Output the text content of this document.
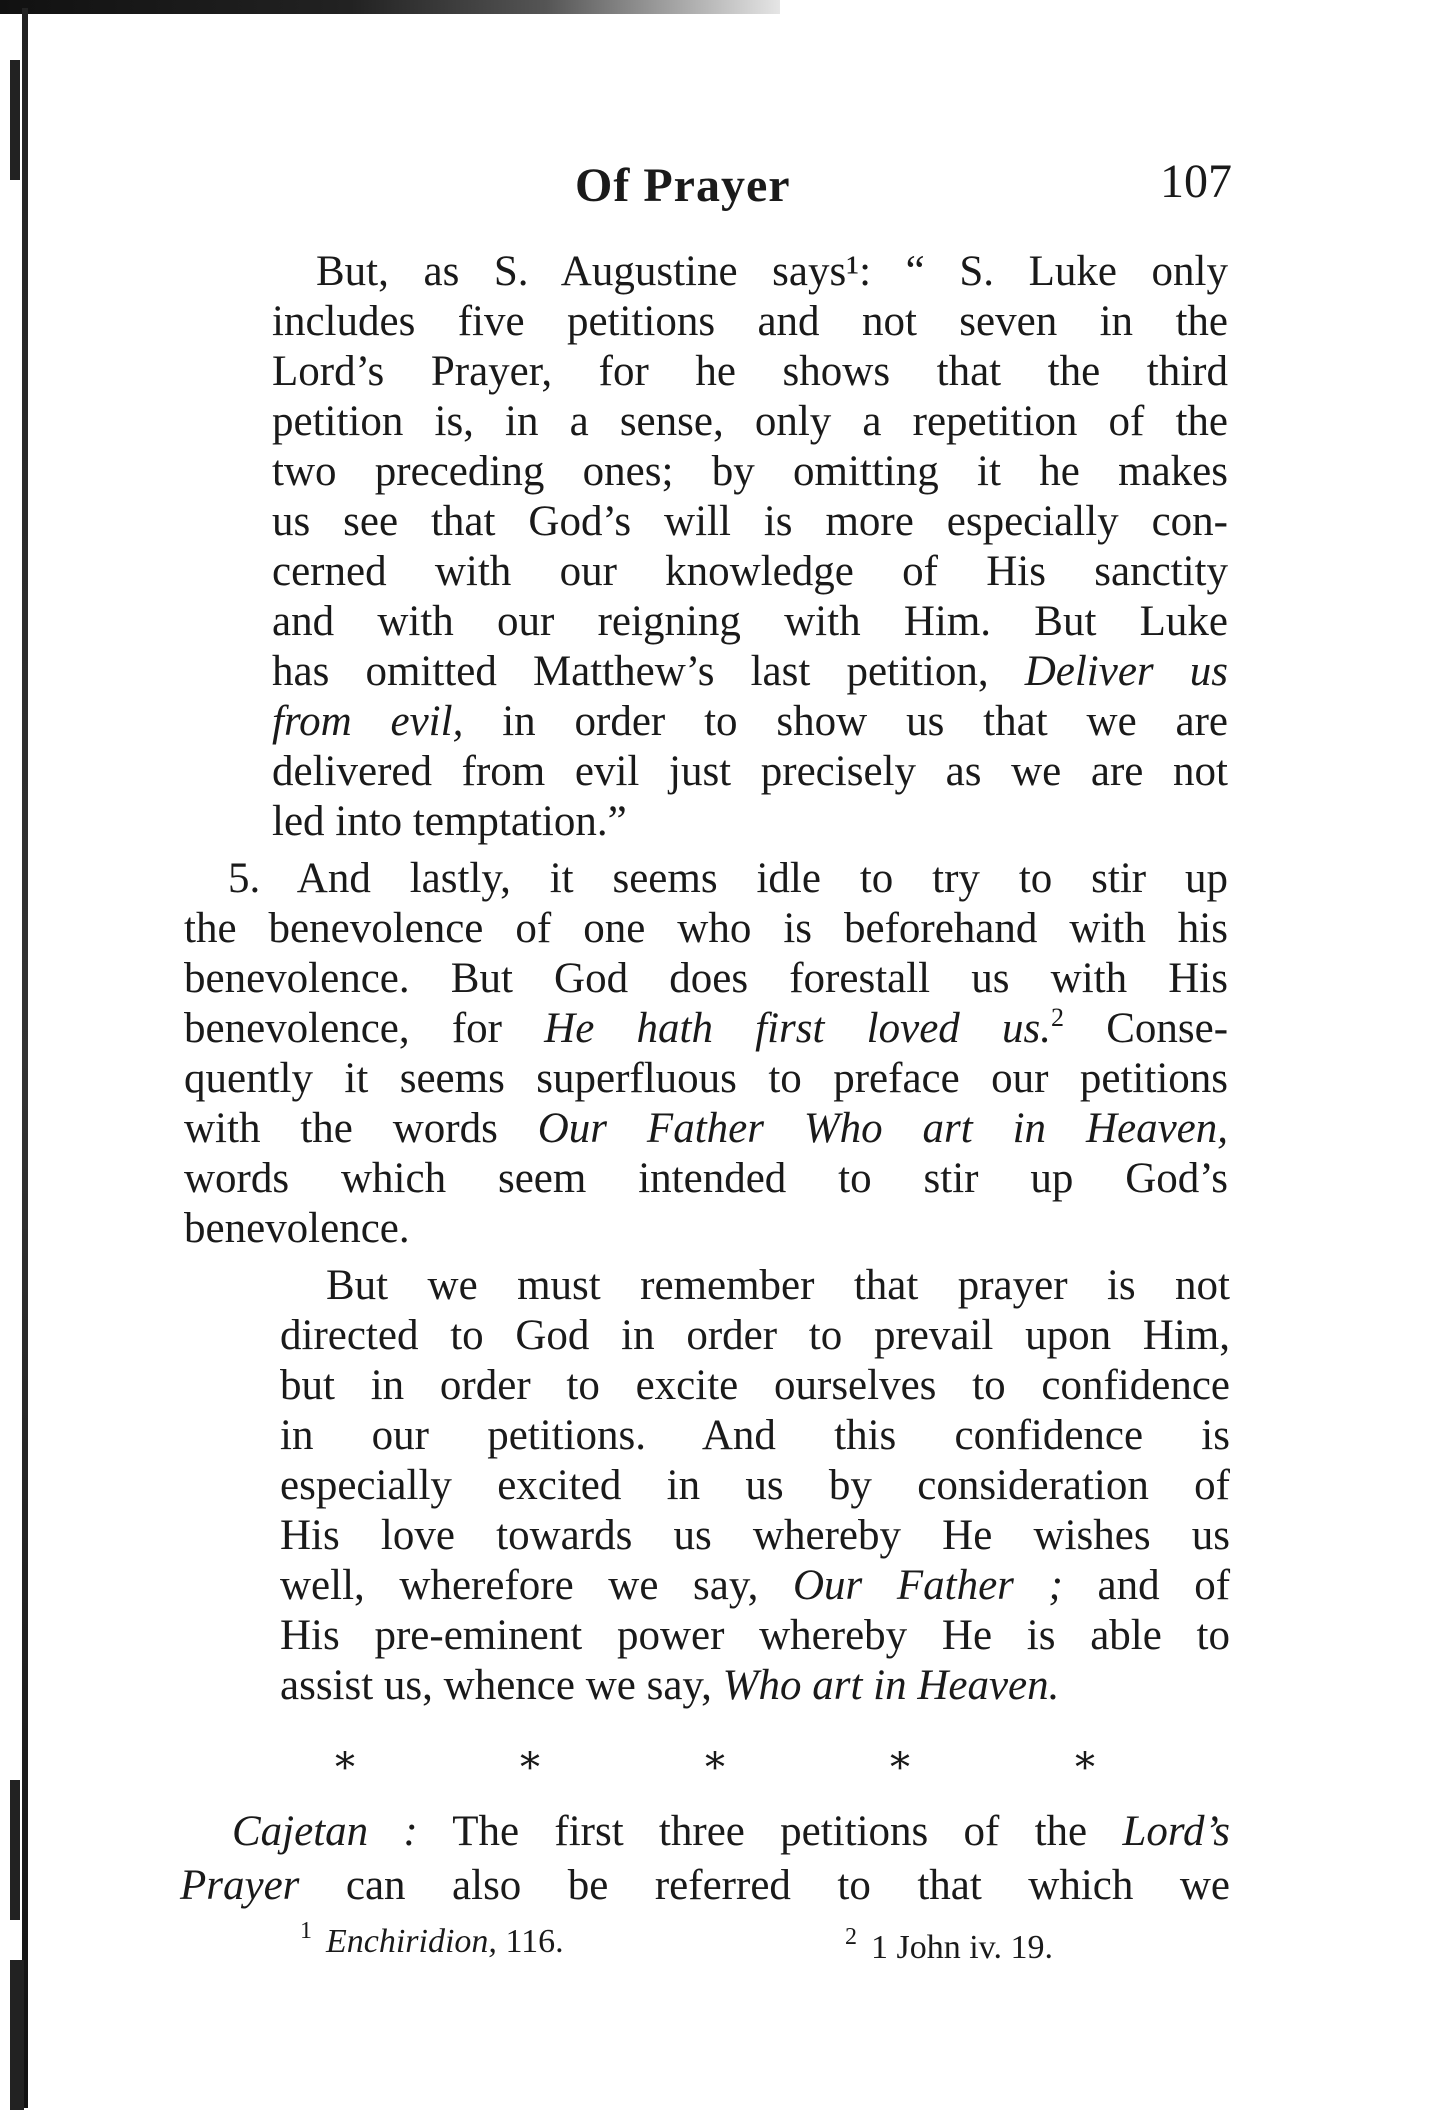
Of Prayer	107
But, as S. Augustine says¹: “ S. Luke only
includes five petitions and not seven in the
Lord’s Prayer, for he shows that the third
petition is, in a sense, only a repetition of the
two preceding ones; by omitting it he makes
us see that God’s will is more especially con-
cerned with our knowledge of His sanctity
and with our reigning with Him. But Luke
has omitted Matthew’s last petition, Deliver us
from evil, in order to show us that we are
delivered from evil just precisely as we are not
led into temptation.”
5. And lastly, it seems idle to try to stir up
the benevolence of one who is beforehand with his
benevolence. But God does forestall us with His
benevolence, for He hath first loved us.$^2$ Conse-
quently it seems superfluous to preface our petitions
with the words Our Father Who art in Heaven,
words which seem intended to stir up God’s
benevolence.
But we must remember that prayer is not
directed to God in order to prevail upon Him,
but in order to excite ourselves to confidence
in our petitions. And this confidence is
especially excited in us by consideration of
His love towards us whereby He wishes us
well, wherefore we say, Our Father ; and of
His pre-eminent power whereby He is able to
assist us, whence we say, Who art in Heaven.
*	*	*	*	*
Cajetan : The first three petitions of the Lord’s
Prayer can also be referred to that which we
$^1$ Enchiridion, 116.	$^2$ 1 John iv. 19.
